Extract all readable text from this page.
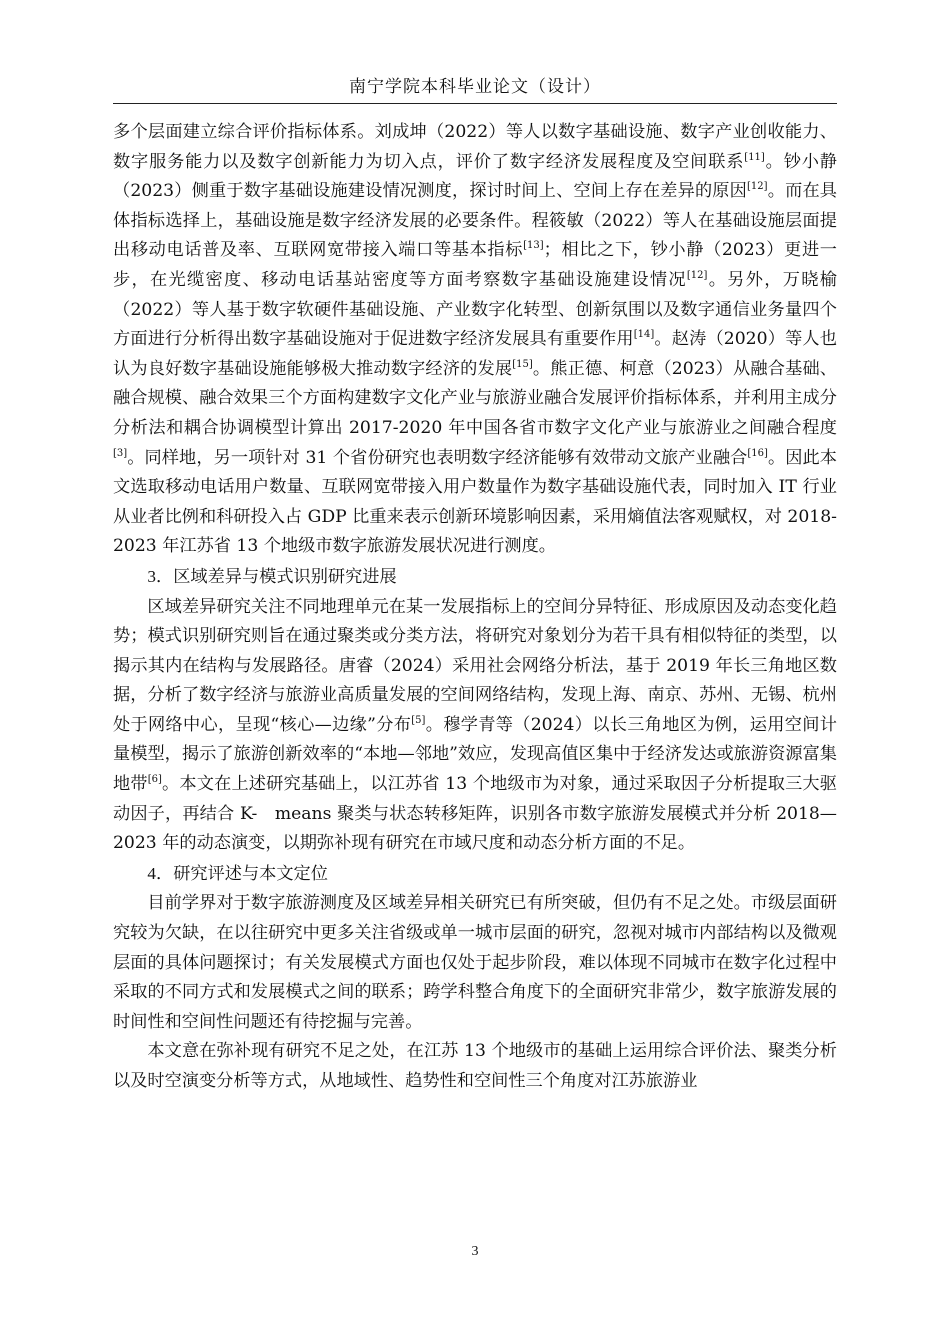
南宁学院本科毕业论文（设计）

多个层面建立综合评价指标体系。刘成坤（2022）等人以数字基础设施、数字产业创收能力、数字服务能力以及数字创新能力为切入点，评价了数字经济发展程度及空间联系[11]。钞小静（2023）侧重于数字基础设施建设情况测度，探讨时间上、空间上存在差异的原因[12]。而在具体指标选择上，基础设施是数字经济发展的必要条件。程筱敏（2022）等人在基础设施层面提出移动电话普及率、互联网宽带接入端口等基本指标[13]；相比之下，钞小静（2023）更进一步，在光缆密度、移动电话基站密度等方面考察数字基础设施建设情况[12]。另外，万晓榆（2022）等人基于数字软硬件基础设施、产业数字化转型、创新氛围以及数字通信业务量四个方面进行分析得出数字基础设施对于促进数字经济发展具有重要作用[14]。赵涛（2020）等人也认为良好数字基础设施能够极大推动数字经济的发展[15]。熊正德、柯意（2023）从融合基础、融合规模、融合效果三个方面构建数字文化产业与旅游业融合发展评价指标体系，并利用主成分分析法和耦合协调模型计算出 2017-2020 年中国各省市数字文化产业与旅游业之间融合程度[3]。同样地，另一项针对 31 个省份研究也表明数字经济能够有效带动文旅产业融合[16]。因此本文选取移动电话用户数量、互联网宽带接入用户数量作为数字基础设施代表，同时加入 IT 行业从业者比例和科研投入占 GDP 比重来表示创新环境影响因素，采用熵值法客观赋权，对 2018-2023 年江苏省 13 个地级市数字旅游发展状况进行测度。

3．区域差异与模式识别研究进展

区域差异研究关注不同地理单元在某一发展指标上的空间分异特征、形成原因及动态变化趋势；模式识别研究则旨在通过聚类或分类方法，将研究对象划分为若干具有相似特征的类型，以揭示其内在结构与发展路径。唐睿（2024）采用社会网络分析法，基于 2019 年长三角地区数据，分析了数字经济与旅游业高质量发展的空间网络结构，发现上海、南京、苏州、无锡、杭州处于网络中心，呈现“核心—边缘”分布[5]。穆学青等（2024）以长三角地区为例，运用空间计量模型，揭示了旅游创新效率的“本地—邻地”效应，发现高值区集中于经济发达或旅游资源富集地带[6]。本文在上述研究基础上，以江苏省 13 个地级市为对象，通过采取因子分析提取三大驱动因子，再结合 K-　means 聚类与状态转移矩阵，识别各市数字旅游发展模式并分析 2018—2023 年的动态演变，以期弥补现有研究在市域尺度和动态分析方面的不足。

4．研究评述与本文定位

目前学界对于数字旅游测度及区域差异相关研究已有所突破，但仍有不足之处。市级层面研究较为欠缺，在以往研究中更多关注省级或单一城市层面的研究，忽视对城市内部结构以及微观层面的具体问题探讨；有关发展模式方面也仅处于起步阶段，难以体现不同城市在数字化过程中采取的不同方式和发展模式之间的联系；跨学科整合角度下的全面研究非常少，数字旅游发展的时间性和空间性问题还有待挖掘与完善。

本文意在弥补现有研究不足之处，在江苏 13 个地级市的基础上运用综合评价法、聚类分析以及时空演变分析等方式，从地域性、趋势性和空间性三个角度对江苏旅游业

3
